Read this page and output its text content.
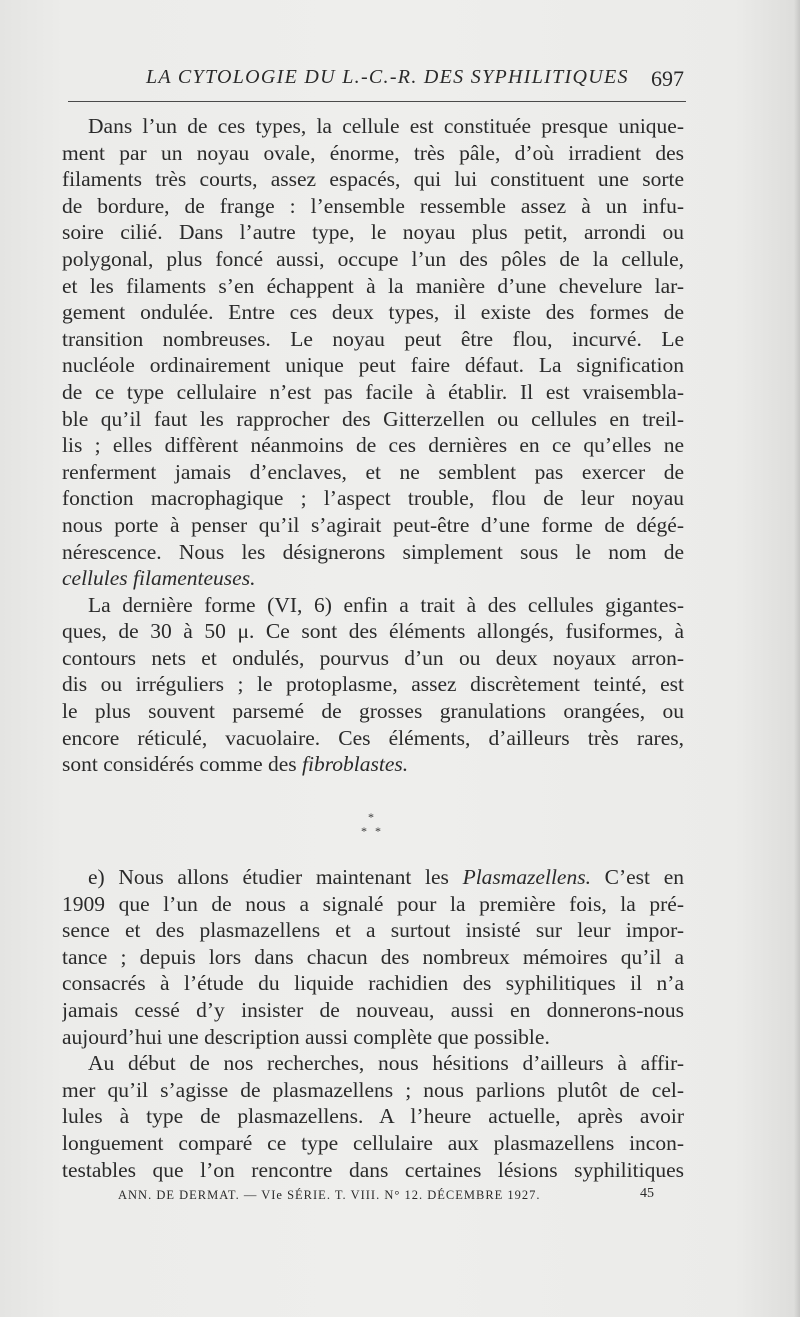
LA CYTOLOGIE DU L.-C.-R. DES SYPHILITIQUES 697
Dans l’un de ces types, la cellule est constituée presque unique-
ment par un noyau ovale, énorme, très pâle, d’où irradient des
filaments très courts, assez espacés, qui lui constituent une sorte
de bordure, de frange : l’ensemble ressemble assez à un infu-
soire cilié. Dans l’autre type, le noyau plus petit, arrondi ou
polygonal, plus foncé aussi, occupe l’un des pôles de la cellule,
et les filaments s’en échappent à la manière d’une chevelure lar-
gement ondulée. Entre ces deux types, il existe des formes de
transition nombreuses. Le noyau peut être flou, incurvé. Le
nucléole ordinairement unique peut faire défaut. La signification
de ce type cellulaire n’est pas facile à établir. Il est vraisembla-
ble qu’il faut les rapprocher des Gitterzellen ou cellules en treil-
lis ; elles diffèrent néanmoins de ces dernières en ce qu’elles ne
renferment jamais d’enclaves, et ne semblent pas exercer de
fonction macrophagique ; l’aspect trouble, flou de leur noyau
nous porte à penser qu’il s’agirait peut-être d’une forme de dégé-
nérescence. Nous les désignerons simplement sous le nom de
cellules filamenteuses.
La dernière forme (VI, 6) enfin a trait à des cellules gigantes-
ques, de 30 à 50 μ. Ce sont des éléments allongés, fusiformes, à
contours nets et ondulés, pourvus d’un ou deux noyaux arron-
dis ou irréguliers ; le protoplasme, assez discrètement teinté, est
le plus souvent parsemé de grosses granulations orangées, ou
encore réticulé, vacuolaire. Ces éléments, d’ailleurs très rares,
sont considérés comme des fibroblastes.
*
* *
e) Nous allons étudier maintenant les Plasmazellens. C’est en
1909 que l’un de nous a signalé pour la première fois, la pré-
sence et des plasmazellens et a surtout insisté sur leur impor-
tance ; depuis lors dans chacun des nombreux mémoires qu’il a
consacrés à l’étude du liquide rachidien des syphilitiques il n’a
jamais cessé d’y insister de nouveau, aussi en donnerons-nous
aujourd’hui une description aussi complète que possible.
Au début de nos recherches, nous hésitions d’ailleurs à affir-
mer qu’il s’agisse de plasmazellens ; nous parlions plutôt de cel-
lules à type de plasmazellens. A l’heure actuelle, après avoir
longuement comparé ce type cellulaire aux plasmazellens incon-
testables que l’on rencontre dans certaines lésions syphilitiques
ANN. DE DERMAT. — VIe SÉRIE. T. VIII. N° 12. DÉCEMBRE 1927.	45
